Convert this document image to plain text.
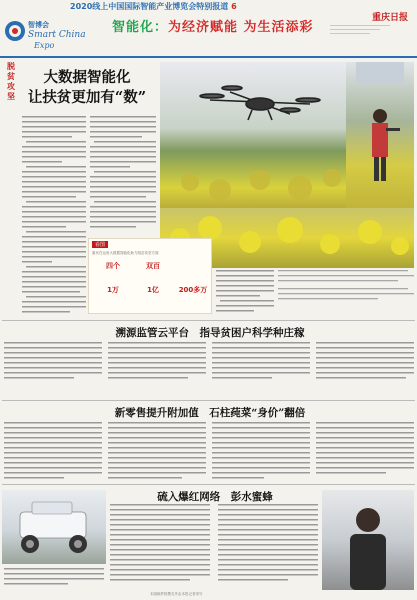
2020线上中国国际智能产业博览会特别报道 6
智博会
Smart China
Expo
智能化：为经济赋能 为生活添彩
重庆日报
脱贫攻坚
大数据智能化
让扶贫更加有“数”
看图
重庆在运用大数据智能化助力脱贫攻坚方面
四个	双百
1万	1亿	200多万
溯源监管云平台　指导贫困户科学种庄稼
新零售提升附加值　石柱莼菜“身价”翻倍
硫入爆红网络　彭水蜜蜂
本版稿件除署名外由本报记者采写
